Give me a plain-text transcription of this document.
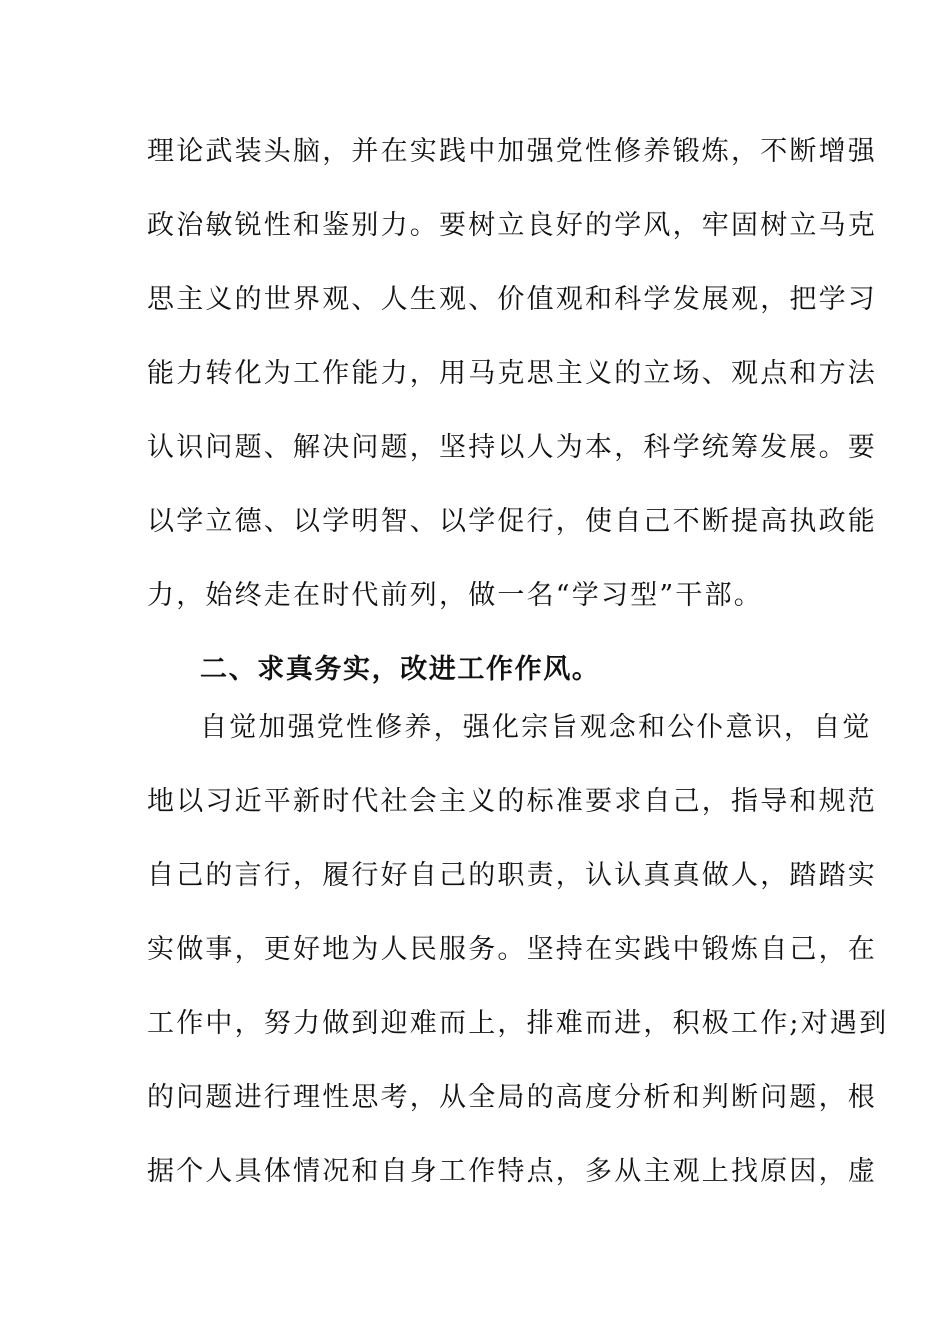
理论武装头脑，并在实践中加强党性修养锻炼，不断增强
政治敏锐性和鉴别力。要树立良好的学风，牢固树立马克
思主义的世界观、人生观、价值观和科学发展观，把学习
能力转化为工作能力，用马克思主义的立场、观点和方法
认识问题、解决问题，坚持以人为本，科学统筹发展。要
以学立德、以学明智、以学促行，使自己不断提高执政能
力，始终走在时代前列，做一名“学习型”干部。
二、求真务实，改进工作作风。
自觉加强党性修养，强化宗旨观念和公仆意识，自觉
地以习近平新时代社会主义的标准要求自己，指导和规范
自己的言行，履行好自己的职责，认认真真做人，踏踏实
实做事，更好地为人民服务。坚持在实践中锻炼自己，在
工作中，努力做到迎难而上，排难而进，积极工作;对遇到
的问题进行理性思考，从全局的高度分析和判断问题，根
据个人具体情况和自身工作特点，多从主观上找原因，虚
